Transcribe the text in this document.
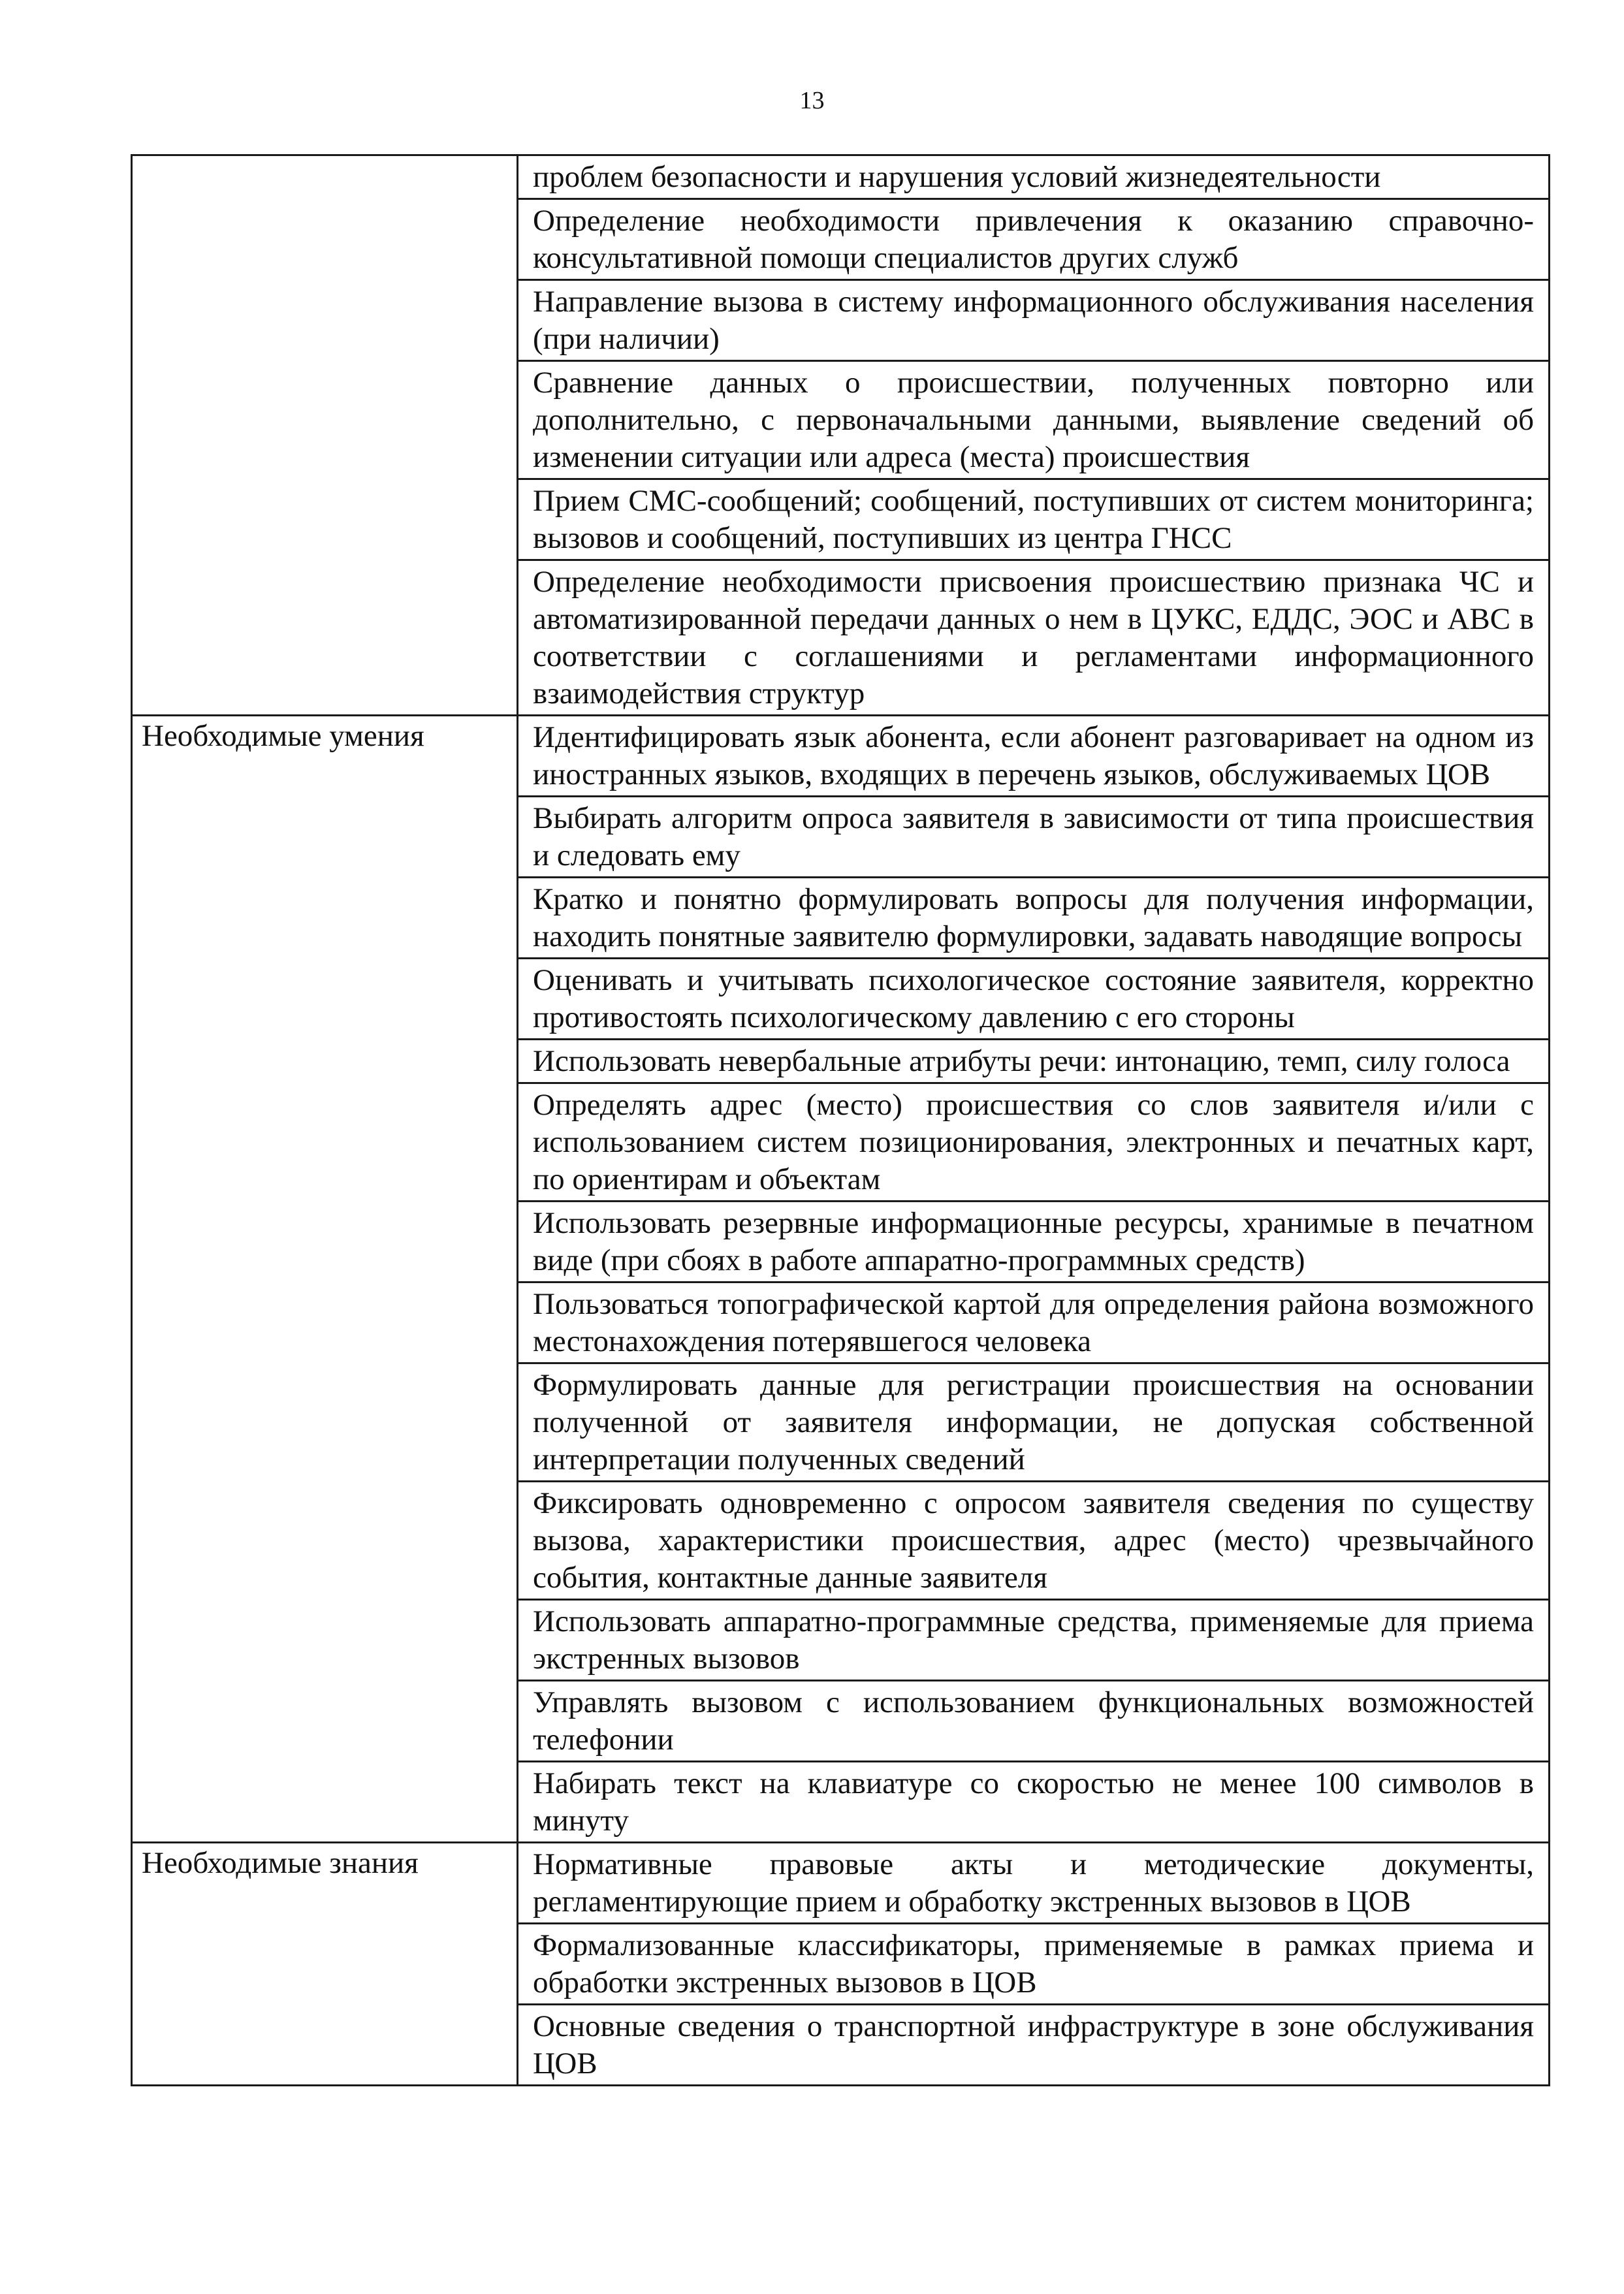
13

	проблем безопасности и нарушения условий жизнедеятельности

	Определение необходимости привлечения к оказанию справочно-консультативной помощи специалистов других служб

	Направление вызова в систему информационного обслуживания населения (при наличии)

	Сравнение данных о происшествии, полученных повторно или дополнительно, с первоначальными данными, выявление сведений об изменении ситуации или адреса (места) происшествия

	Прием СМС-сообщений; сообщений, поступивших от систем мониторинга; вызовов и сообщений, поступивших из центра ГНСС

	Определение необходимости присвоения происшествию признака ЧС и автоматизированной передачи данных о нем в ЦУКС, ЕДДС, ЭОС и АВС в соответствии с соглашениями и регламентами информационного взаимодействия структур

Необходимые умения	Идентифицировать язык абонента, если абонент разговаривает на одном из иностранных языков, входящих в перечень языков, обслуживаемых ЦОВ

	Выбирать алгоритм опроса заявителя в зависимости от типа происшествия и следовать ему

	Кратко и понятно формулировать вопросы для получения информации, находить понятные заявителю формулировки, задавать наводящие вопросы

	Оценивать и учитывать психологическое состояние заявителя, корректно противостоять психологическому давлению с его стороны

	Использовать невербальные атрибуты речи: интонацию, темп, силу голоса

	Определять адрес (место) происшествия со слов заявителя и/или с использованием систем позиционирования, электронных и печатных карт, по ориентирам и объектам

	Использовать резервные информационные ресурсы, хранимые в печатном виде (при сбоях в работе аппаратно-программных средств)

	Пользоваться топографической картой для определения района возможного местонахождения потерявшегося человека

	Формулировать данные для регистрации происшествия на основании полученной от заявителя информации, не допуская собственной интерпретации полученных сведений

	Фиксировать одновременно с опросом заявителя сведения по существу вызова, характеристики происшествия, адрес (место) чрезвычайного события, контактные данные заявителя

	Использовать аппаратно-программные средства, применяемые для приема экстренных вызовов

	Управлять вызовом с использованием функциональных возможностей телефонии

	Набирать текст на клавиатуре со скоростью не менее 100 символов в минуту

Необходимые знания	Нормативные правовые акты и методические документы, регламентирующие прием и обработку экстренных вызовов в ЦОВ

	Формализованные классификаторы, применяемые в рамках приема и обработки экстренных вызовов в ЦОВ

	Основные сведения о транспортной инфраструктуре в зоне обслуживания ЦОВ
